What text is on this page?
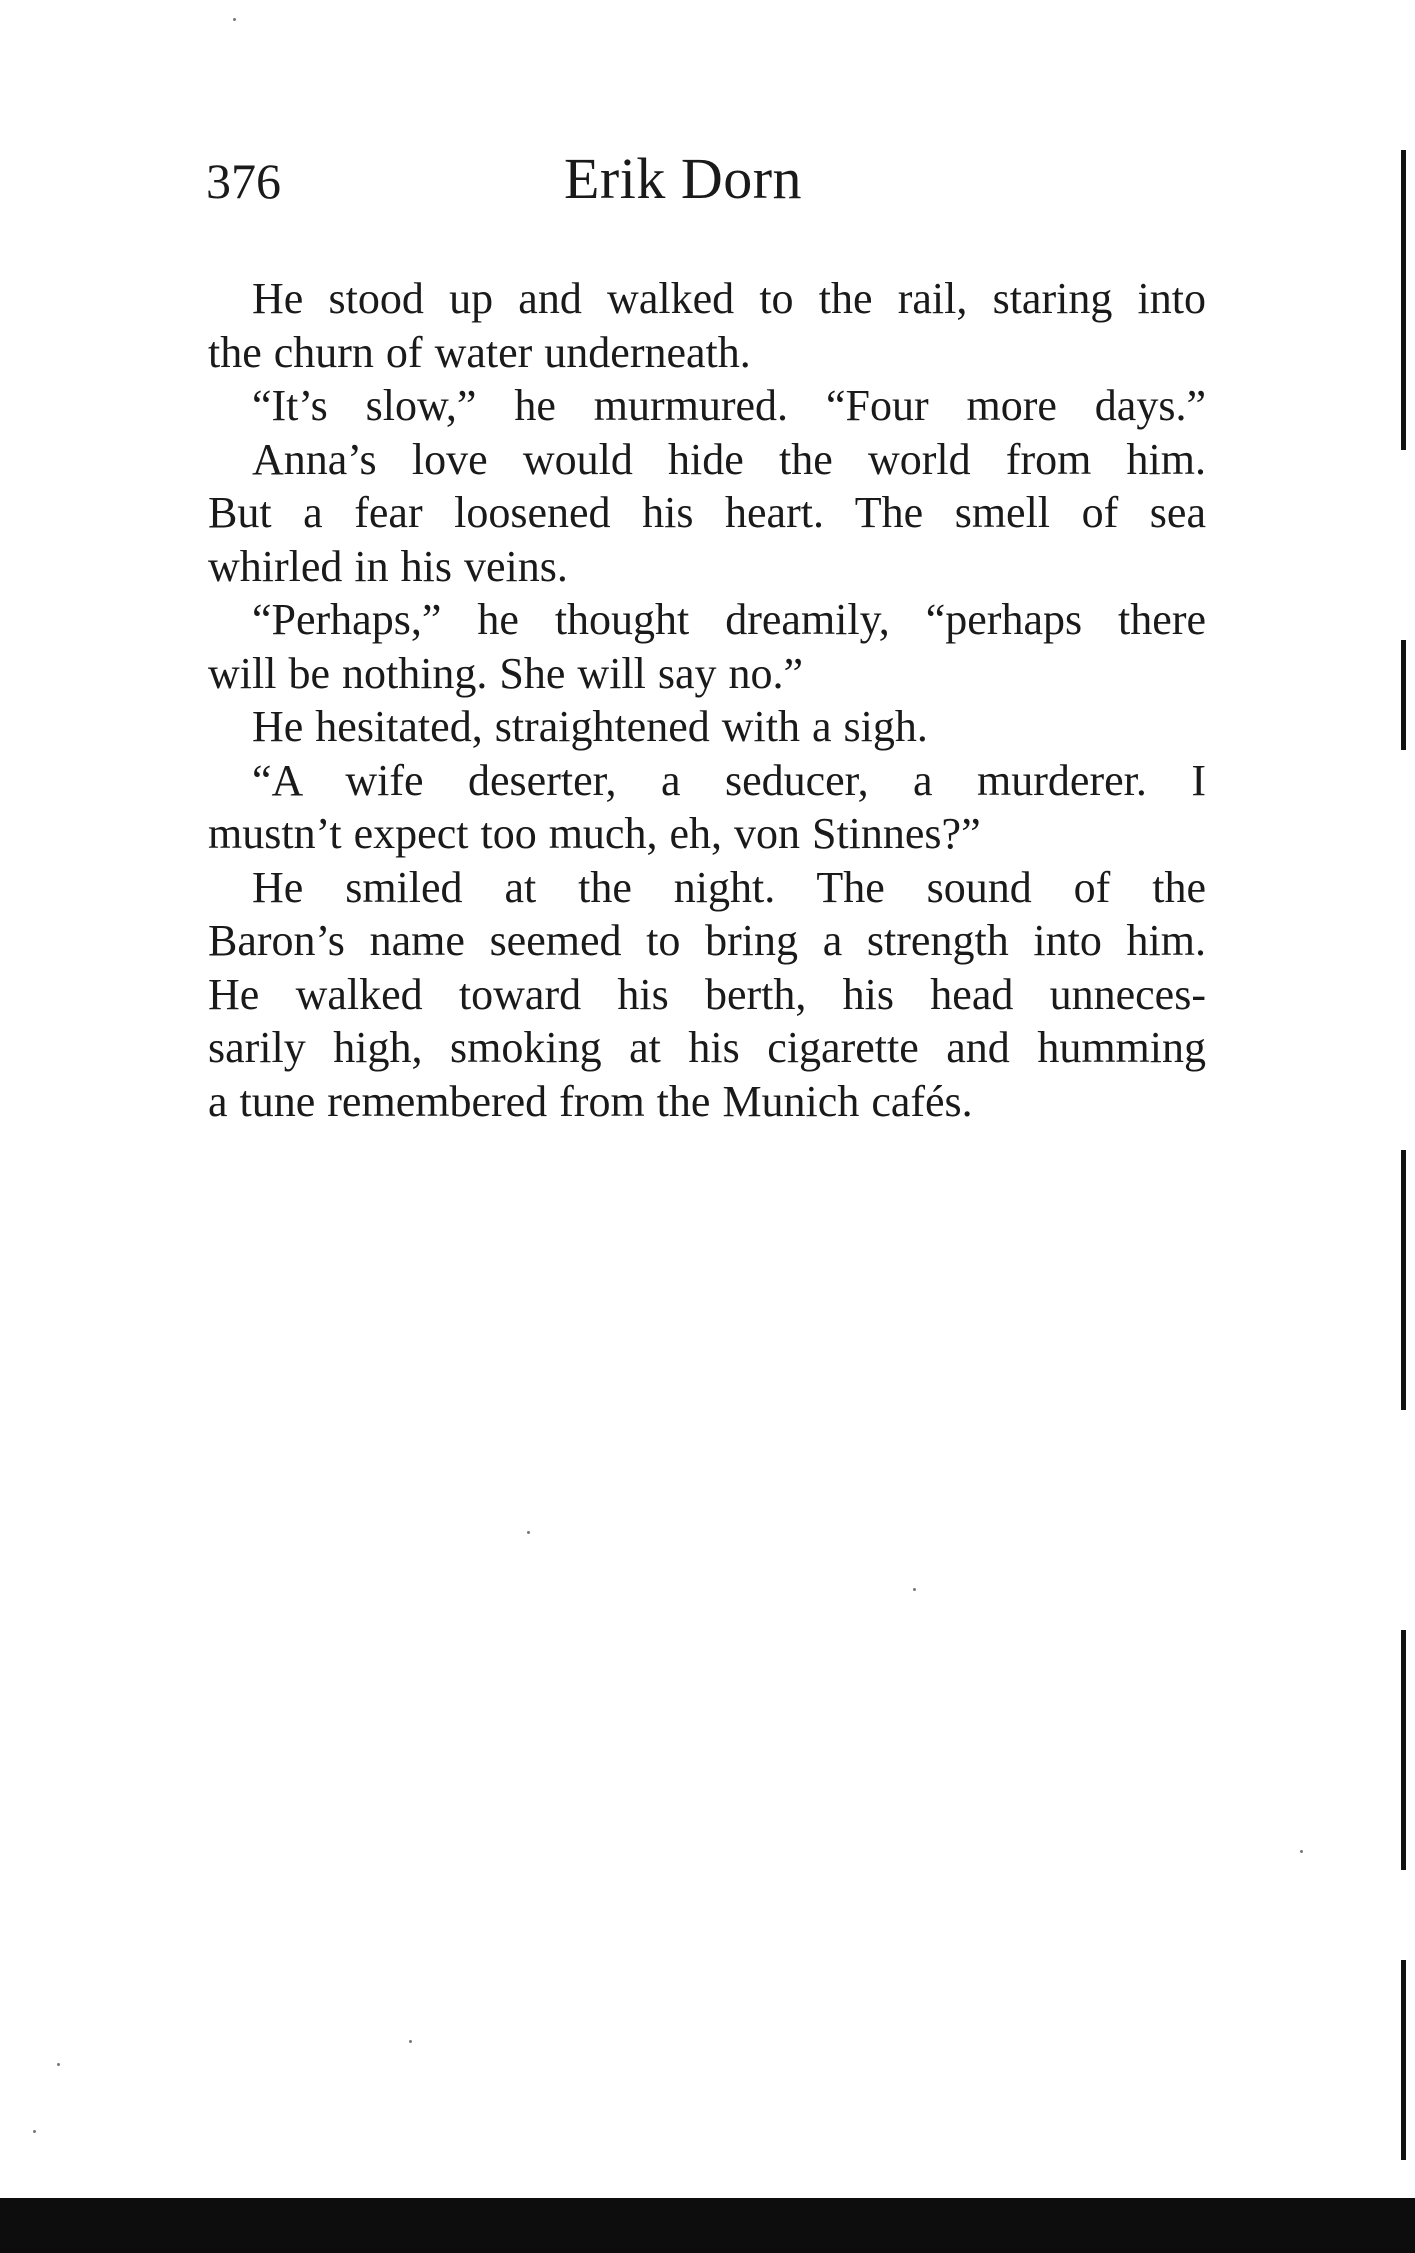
376	Erik Dorn
He stood up and walked to the rail, staring into
the churn of water underneath.
“It’s slow,” he murmured. “Four more days.”
Anna’s love would hide the world from him.
But a fear loosened his heart. The smell of sea
whirled in his veins.
“Perhaps,” he thought dreamily, “perhaps there
will be nothing. She will say no.”
He hesitated, straightened with a sigh.
“A wife deserter, a seducer, a murderer. I
mustn’t expect too much, eh, von Stinnes?”
He smiled at the night. The sound of the
Baron’s name seemed to bring a strength into him.
He walked toward his berth, his head unneces-
sarily high, smoking at his cigarette and humming
a tune remembered from the Munich cafés.
